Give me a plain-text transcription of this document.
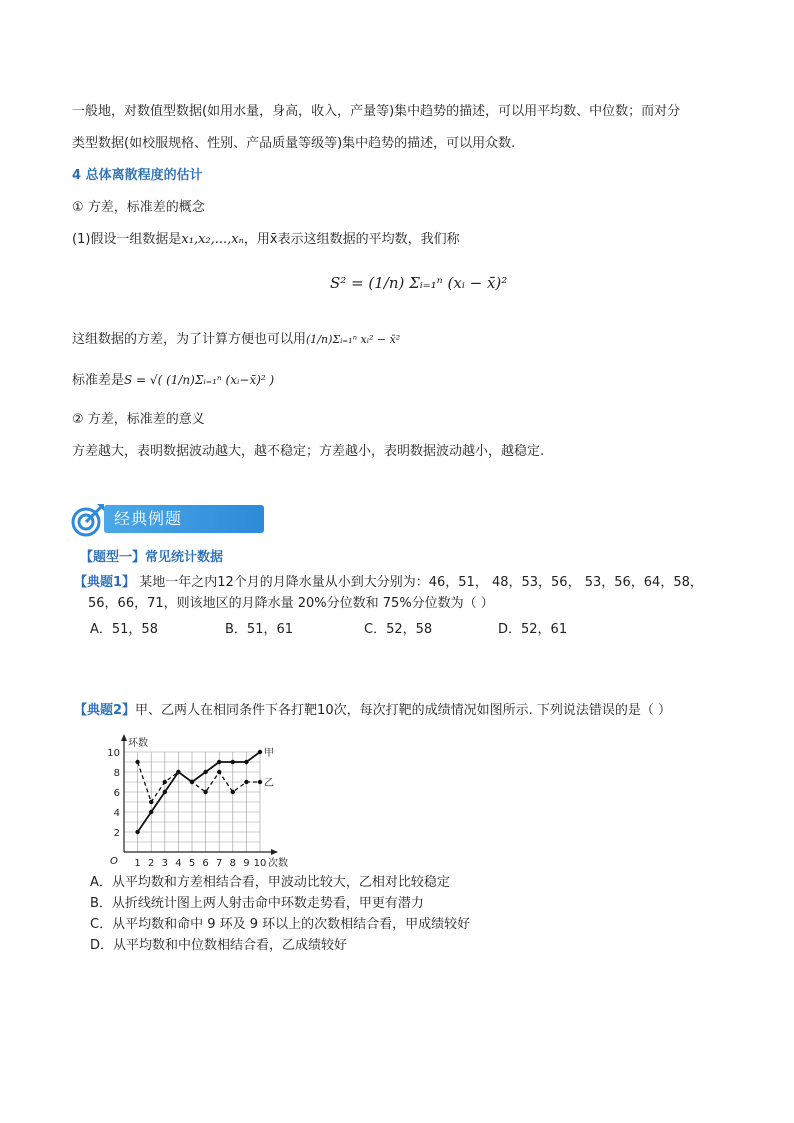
一般地，对数值型数据(如用水量，身高，收入，产量等)集中趋势的描述，可以用平均数、中位数；而对分
类型数据(如校服规格、性别、产品质量等级等)集中趋势的描述，可以用众数.
4 总体离散程度的估计
① 方差，标准差的概念
(1)假设一组数据是x₁,x₂,...,xₙ，用x̄表示这组数据的平均数，我们称
S² = (1/n) Σᵢ₌₁ⁿ (xᵢ − x̄)²
这组数据的方差，为了计算方便也可以用(1/n)Σᵢ₌₁ⁿ xᵢ² − x̄²
标准差是S = √( (1/n)Σᵢ₌₁ⁿ (xᵢ−x̄)² )
② 方差，标准差的意义
方差越大，表明数据波动越大，越不稳定；方差越小，表明数据波动越小，越稳定.
经典例题
【题型一】常见统计数据
【典题1】 某地一年之内12个月的月降水量从小到大分别为：46，51， 48，53，56， 53，56，64，58，
56，66，71，则该地区的月降水量 20%分位数和 75%分位数为（ ）
A．51，58	B．51，61	C．52，58	D．52，61
【典题2】甲、乙两人在相同条件下各打靶10次，每次打靶的成绩情况如图所示. 下列说法错误的是（ ）
环数
次数
O 1 2 3 4 5 6 7 8 9 10
2
4
6
8
10	甲
乙
A．从平均数和方差相结合看，甲波动比较大，乙相对比较稳定
B．从折线统计图上两人射击命中环数走势看，甲更有潜力
C．从平均数和命中 9 环及 9 环以上的次数相结合看，甲成绩较好
D．从平均数和中位数相结合看，乙成绩较好
